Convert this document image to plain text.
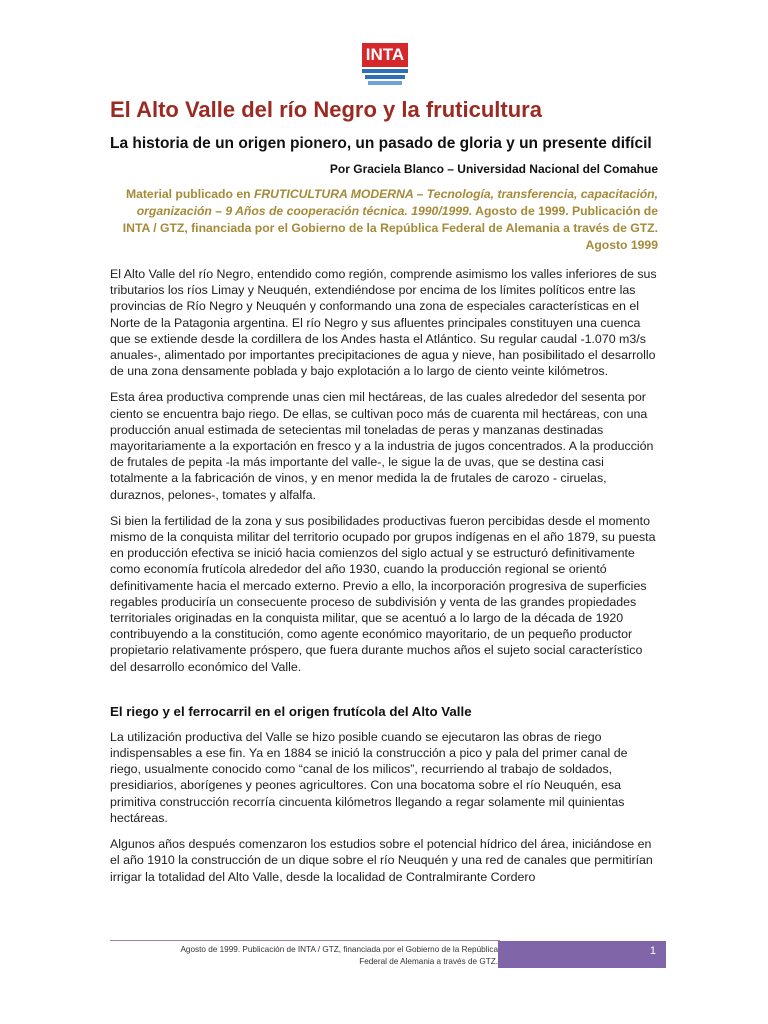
INTA
El Alto Valle del río Negro y la fruticultura
La historia de un origen pionero, un pasado de gloria y un presente difícil
Por Graciela Blanco – Universidad Nacional del Comahue
Material publicado en FRUTICULTURA MODERNA – Tecnología, transferencia, capacitación, organización – 9 Años de cooperación técnica. 1990/1999. Agosto de 1999. Publicación de INTA / GTZ, financiada por el Gobierno de la República Federal de Alemania a través de GTZ. Agosto 1999

El Alto Valle del río Negro, entendido como región, comprende asimismo los valles inferiores de sus tributarios los ríos Limay y Neuquén, extendiéndose por encima de los límites políticos entre las provincias de Río Negro y Neuquén y conformando una zona de especiales características en el Norte de la Patagonia argentina. El río Negro y sus afluentes principales constituyen una cuenca que se extiende desde la cordillera de los Andes hasta el Atlántico. Su regular caudal -1.070 m3/s anuales-, alimentado por importantes precipitaciones de agua y nieve, han posibilitado el desarrollo de una zona densamente poblada y bajo explotación a lo largo de ciento veinte kilómetros.

Esta área productiva comprende unas cien mil hectáreas, de las cuales alrededor del sesenta por ciento se encuentra bajo riego. De ellas, se cultivan poco más de cuarenta mil hectáreas, con una producción anual estimada de setecientas mil toneladas de peras y manzanas destinadas mayoritariamente a la exportación en fresco y a la industria de jugos concentrados. A la producción de frutales de pepita -la más importante del valle-, le sigue la de uvas, que se destina casi totalmente a la fabricación de vinos, y en menor medida la de frutales de carozo - ciruelas, duraznos, pelones-, tomates y alfalfa.

Si bien la fertilidad de la zona y sus posibilidades productivas fueron percibidas desde el momento mismo de la conquista militar del territorio ocupado por grupos indígenas en el año 1879, su puesta en producción efectiva se inició hacia comienzos del siglo actual y se estructuró definitivamente como economía frutícola alrededor del año 1930, cuando la producción regional se orientó definitivamente hacia el mercado externo. Previo a ello, la incorporación progresiva de superficies regables produciría un consecuente proceso de subdivisión y venta de las grandes propiedades territoriales originadas en la conquista militar, que se acentuó a lo largo de la década de 1920 contribuyendo a la constitución, como agente económico mayoritario, de un pequeño productor propietario relativamente próspero, que fuera durante muchos años el sujeto social característico del desarrollo económico del Valle.

El riego y el ferrocarril en el origen frutícola del Alto Valle

La utilización productiva del Valle se hizo posible cuando se ejecutaron las obras de riego indispensables a ese fin. Ya en 1884 se inició la construcción a pico y pala del primer canal de riego, usualmente conocido como “canal de los milicos”, recurriendo al trabajo de soldados, presidiarios, aborígenes y peones agricultores. Con una bocatoma sobre el río Neuquén, esa primitiva construcción recorría cincuenta kilómetros llegando a regar solamente mil quinientas hectáreas.

Algunos años después comenzaron los estudios sobre el potencial hídrico del área, iniciándose en el año 1910 la construcción de un dique sobre el río Neuquén y una red de canales que permitirían irrigar la totalidad del Alto Valle, desde la localidad de Contralmirante Cordero

Agosto de 1999. Publicación de INTA / GTZ, financiada por el Gobierno de la República
Federal de Alemania a través de GTZ.
1
